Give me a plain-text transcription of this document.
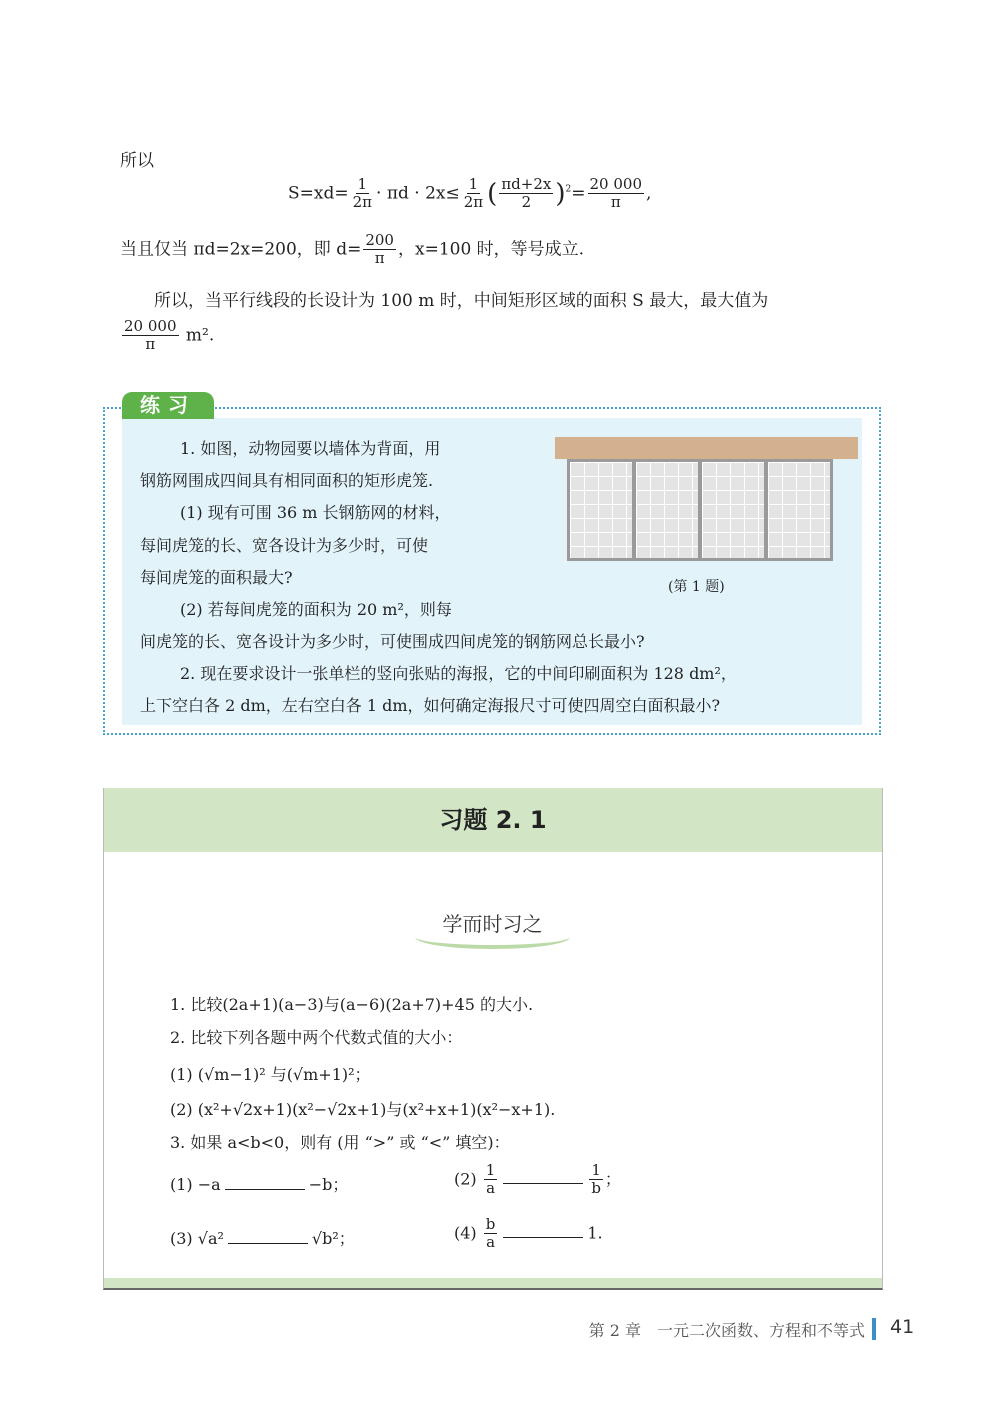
所以
$S=xd= \frac{1}{2\pi} \cdot \pi d \cdot 2x\le \frac{1}{2\pi}$ ( $\frac{\pi d+2x}{2} )^2= \frac{20 000}{\pi}$ ,
当且仅当 πd=2x=200，即 $d= \frac{200}{\pi}$ ，x=100 时，等号成立.
所以，当平行线段的长设计为 100 m 时，中间矩形区域的面积 S 最大，最大值为
$\frac{20 000}{\pi} m^2$.
练习
1. 如图，动物园要以墙体为背面，用
钢筋网围成四间具有相同面积的矩形虎笼.
(1) 现有可围 36 m 长钢筋网的材料，
每间虎笼的长、宽各设计为多少时，可使
每间虎笼的面积最大?
(2) 若每间虎笼的面积为 20 m²，则每
间虎笼的长、宽各设计为多少时，可使围成四间虎笼的钢筋网总长最小?
2. 现在要求设计一张单栏的竖向张贴的海报，它的中间印刷面积为 128 dm²，
上下空白各 2 dm，左右空白各 1 dm，如何确定海报尺寸可使四周空白面积最小?
(第 1 题)
习题 2. 1
学而时习之
1. 比较(2a+1)(a−3)与(a−6)(2a+7)+45 的大小.
2. 比较下列各题中两个代数式值的大小：
(1) (√m−1)² 与(√m+1)²；
(2) (x²+√2x+1)(x²−√2x+1)与(x²+x+1)(x²−x+1).
3. 如果 a<b<0，则有 (用 “>” 或 “<” 填空)：
(1) −a	−b；	$(2) \frac{1}{a}$	$\frac{1}{b}$ ；
(3) √a²	√b²；	$(4) \frac{b}{a}$	1.
第 2 章　一元二次函数、方程和不等式 41
